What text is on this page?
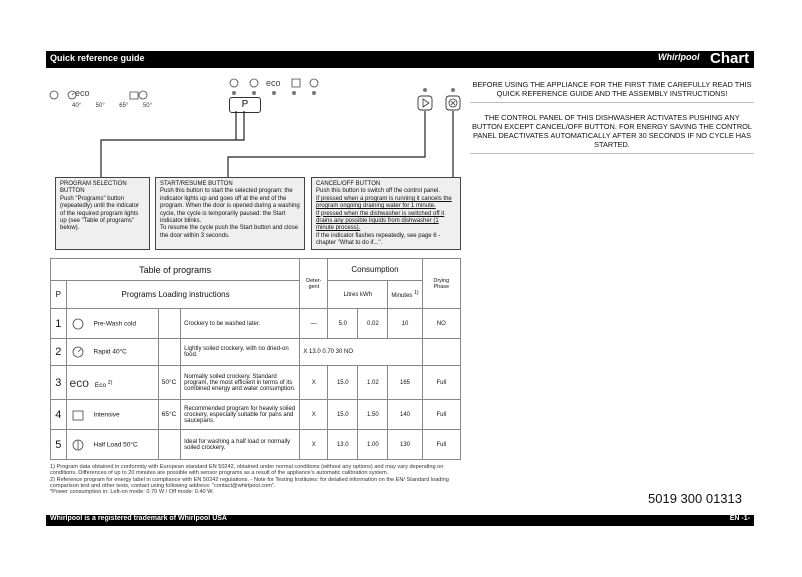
Quick reference guide	Whirlpool Chart
eco
40° 50° 65° 50°
eco
P
PROGRAM SELECTION BUTTON
Push "Programs" button (repeatedly) until the indicator of the required program lights up (see "Table of programs" below).
START/RESUME BUTTON
Push this button to start the selected program: the indicator lights up and goes off at the end of the program. When the door is opened during a washing cycle, the cycle is temporarily paused: the Start indicator blinks.
To resume the cycle push the Start button and close the door within 3 seconds.
CANCEL/OFF BUTTON
Push this button to switch off the control panel.
If pressed when a program is running it cancels the program ongoing draining water for 1 minute.
If pressed when the dishwasher is switched off it drains any possible liquids from dishwasher (1 minute process).
If the indicator flashes repeatedly, see page 6 - chapter "What to do if...".
BEFORE USING THE APPLIANCE FOR THE FIRST TIME CAREFULLY READ THIS QUICK REFERENCE GUIDE AND THE ASSEMBLY INSTRUCTIONS!
THE CONTROL PANEL OF THIS DISHWASHER ACTIVATES PUSHING ANY BUTTON EXCEPT CANCEL/OFF BUTTON. FOR ENERGY SAVING THE CONTROL PANEL DEACTIVATES AUTOMATICALLY AFTER 30 SECONDS IF NO CYCLE HAS STARTED.
Table of programs				Deter-gent	Consumption			Drying Phase
P	Programs Loading instructions				Litres kWh		Minutes $^{1)}$
1	Pre-Wash cold		Crockery to be washed later.	—	5.0	0.02	10	NO
2	Rapid 40°C		Lightly soiled crockery, with no dried-on food.	X 13.0 0.70 30 NO				
3	eco Eco $^{2)}$	50°C	Normally soiled crockery. Standard program, the most efficient in terms of its combined energy and water consumption.	X	15.0	1.02	165	Full
4	Intensive	65°C	Recommended program for heavily soiled crockery, especially suitable for pans and saucepans.	X	15.0	1.50	140	Full
5	Half Load 50°C		Ideal for washing a half load or normally soiled crockery.	X	13.0	1.00	130	Full
1) Program data obtained in conformity with European standard EN 50242, obtained under normal conditions (without any options) and may vary depending on conditions. Differences of up to 20 minutes are possible with sensor programs as a result of the appliance's automatic calibration system.
2) Reference program for energy label in compliance with EN 50242 regulations. - Note for Testing Institutes: for detailed information on the EN/ Standard loading comparison test and other tests, contact using following address: "contact@whirlpool.com".
*Power consumption in: Left-on mode: 0.70 W / Off mode: 0.40 W.	5019 300 01313
Whirlpool is a registered trademark of Whirlpool USA	EN -1-
